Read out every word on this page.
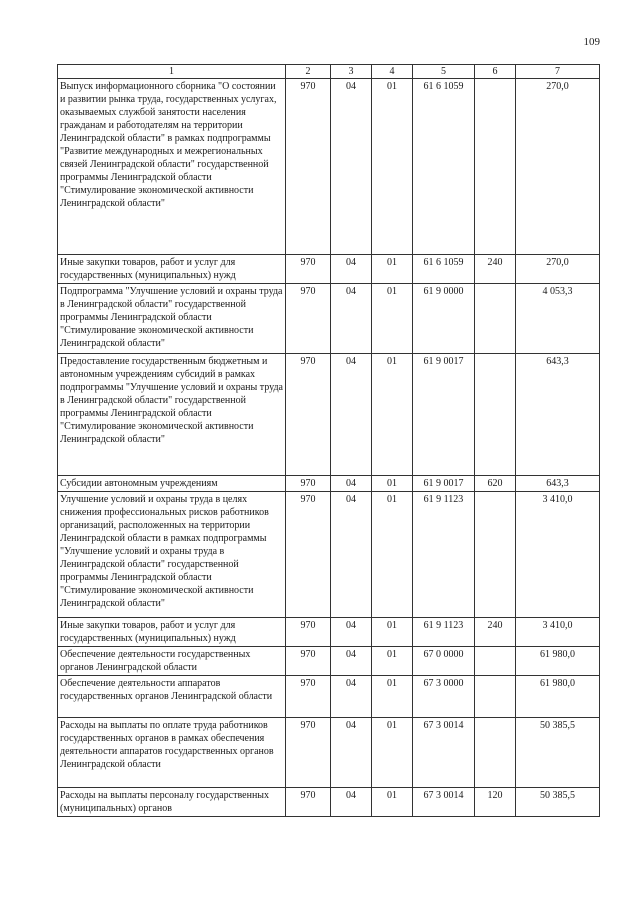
109
1	2	3	4	5	6	7
Выпуск информационного сборника "О состоянии и развитии рынка труда, государственных услугах, оказываемых службой занятости населения гражданам и работодателям на территории Ленинградской области" в рамках подпрограммы "Развитие международных и межрегиональных связей Ленинградской области" государственной программы Ленинградской области "Стимулирование экономической активности Ленинградской области"	970	04	01	61 6 1059		270,0
Иные закупки товаров, работ и услуг для государственных (муниципальных) нужд	970	04	01	61 6 1059	240	270,0
Подпрограмма "Улучшение условий и охраны труда в Ленинградской области" государственной программы Ленинградской области "Стимулирование экономической активности Ленинградской области"	970	04	01	61 9 0000		4 053,3
Предоставление государственным бюджетным и автономным учреждениям субсидий в рамках подпрограммы "Улучшение условий и охраны труда в Ленинградской области" государственной программы Ленинградской области "Стимулирование экономической активности Ленинградской области"	970	04	01	61 9 0017		643,3
Субсидии автономным учреждениям	970	04	01	61 9 0017	620	643,3
Улучшение условий и охраны труда в целях снижения профессиональных рисков работников организаций, расположенных на территории Ленинградской области в рамках подпрограммы "Улучшение условий и охраны труда в Ленинградской области" государственной программы Ленинградской области "Стимулирование экономической активности Ленинградской области"	970	04	01	61 9 1123		3 410,0
Иные закупки товаров, работ и услуг для государственных (муниципальных) нужд	970	04	01	61 9 1123	240	3 410,0
Обеспечение деятельности государственных органов Ленинградской области	970	04	01	67 0 0000		61 980,0
Обеспечение деятельности аппаратов государственных органов Ленинградской области	970	04	01	67 3 0000		61 980,0
Расходы на выплаты по оплате труда работников государственных органов в рамках обеспечения деятельности аппаратов государственных органов Ленинградской области	970	04	01	67 3 0014		50 385,5
Расходы на выплаты персоналу государственных (муниципальных) органов	970	04	01	67 3 0014	120	50 385,5
